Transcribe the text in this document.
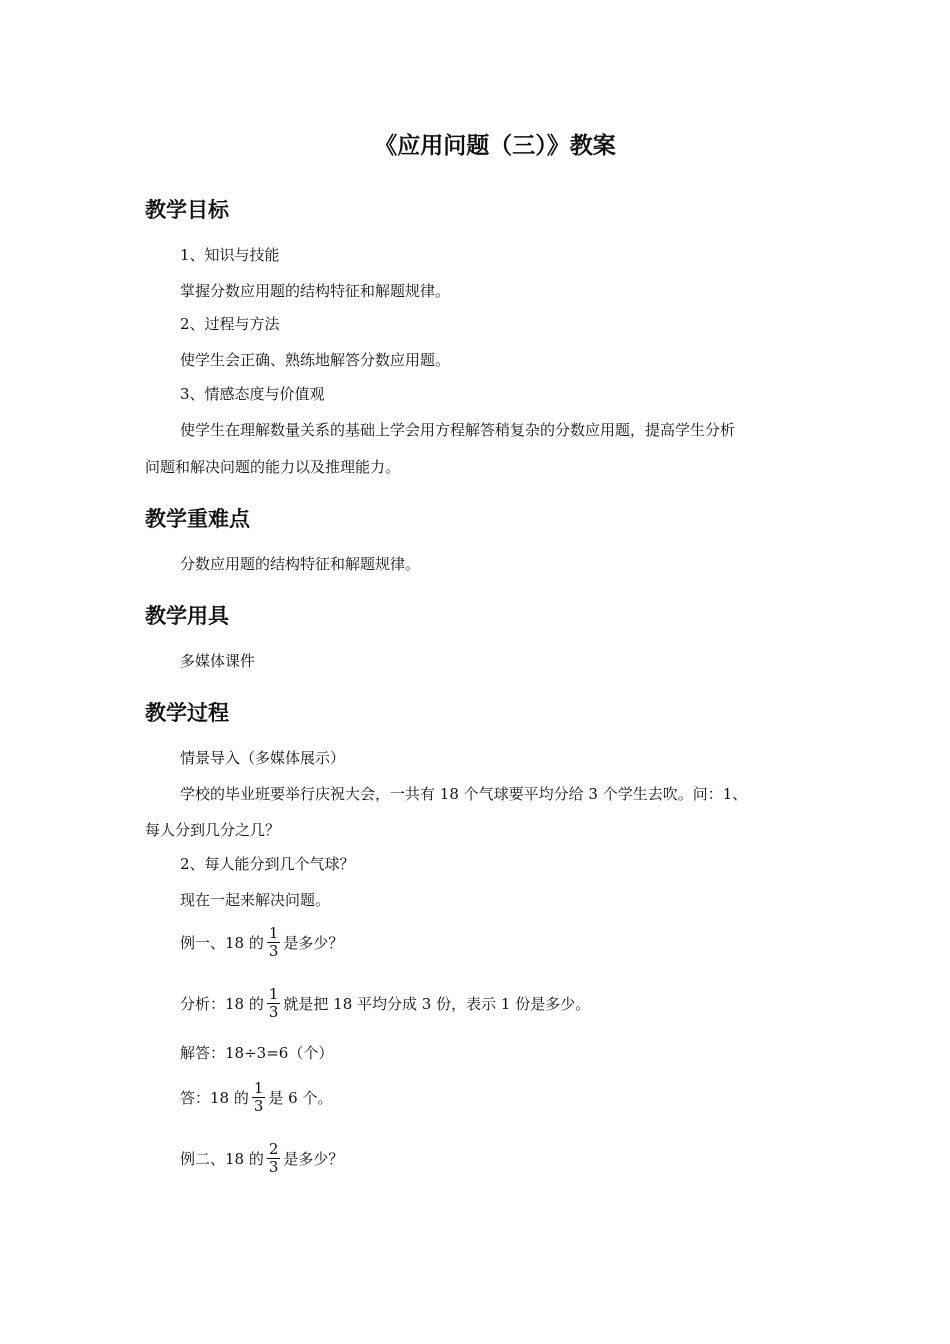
《应用问题（三）》教案
教学目标
1、知识与技能
掌握分数应用题的结构特征和解题规律。
2、过程与方法
使学生会正确、熟练地解答分数应用题。
3、情感态度与价值观
使学生在理解数量关系的基础上学会用方程解答稍复杂的分数应用题，提高学生分析
问题和解决问题的能力以及推理能力。
教学重难点
分数应用题的结构特征和解题规律。
教学用具
多媒体课件
教学过程
情景导入（多媒体展示）
学校的毕业班要举行庆祝大会，一共有 18 个气球要平均分给 3 个学生去吹。问：1、
每人分到几分之几？
2、每人能分到几个气球？
现在一起来解决问题。
例一、18 的 $\frac{1}{3}$ 是多少？
分析：18 的 $\frac{1}{3}$ 就是把 18 平均分成 3 份，表示 1 份是多少。
解答：18÷3=6（个）
答：18 的 $\frac{1}{3}$ 是 6 个。
例二、18 的 $\frac{2}{3}$ 是多少？
